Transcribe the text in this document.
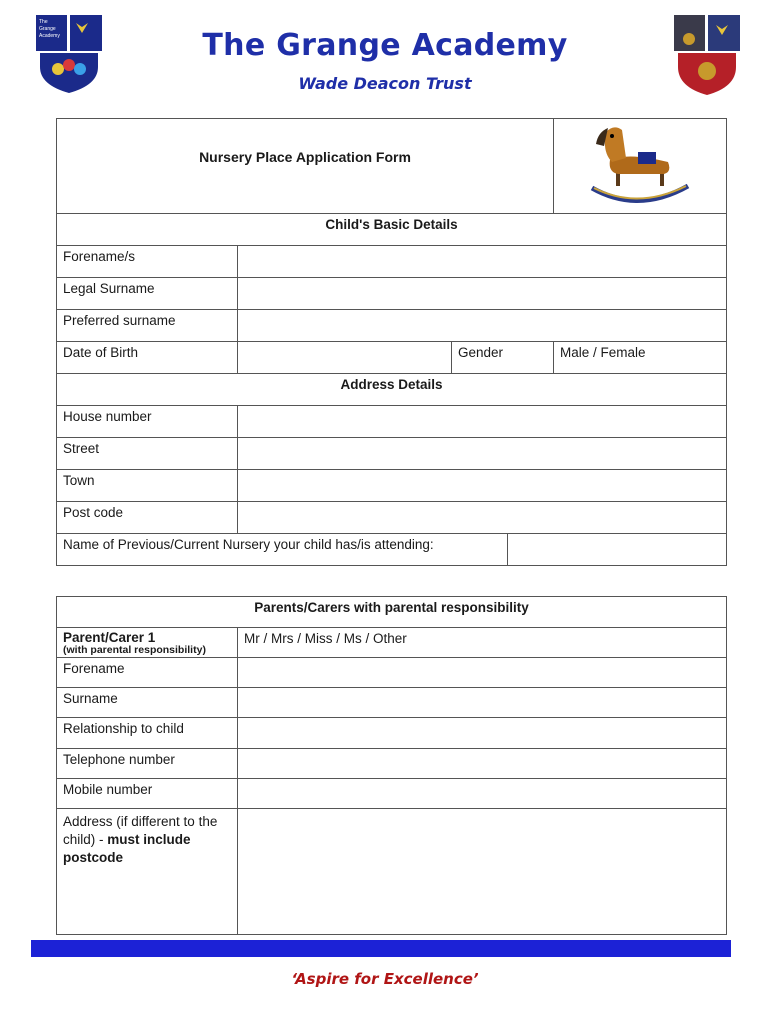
The
Grange
Academy	The Grange Academy
Wade Deacon Trust
Nursery Place Application Form	
Child's Basic Details				
Forename/s				
Legal Surname				
Preferred surname				
Date of Birth		Gender		Male / Female
Address Details				
House number				
Street				
Town				
Post code				
Name of Previous/Current Nursery your child has/is attending:				
Parents/Carers with parental responsibility	

Parent/Carer 1
(with parental responsibility)	Mr / Mrs / Miss / Ms / Other
Forename	
Surname	
Relationship to child	
Telephone number	
Mobile number	
Address (if different to the child) - must include postcode	
‘Aspire for Excellence’
